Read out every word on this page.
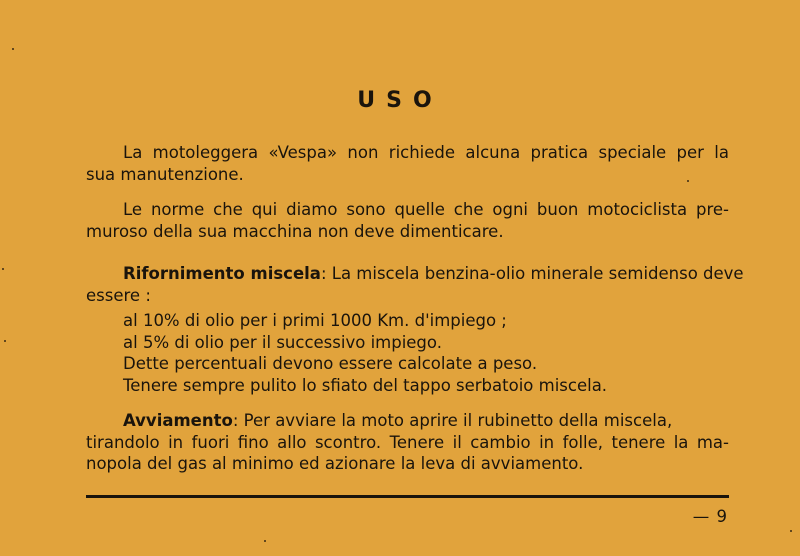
USO
La motoleggera «Vespa» non richiede alcuna pratica speciale per la
sua manutenzione.
Le norme che qui diamo sono quelle che ogni buon motociclista pre-
muroso della sua macchina non deve dimenticare.
Rifornimento miscela: La miscela benzina-olio minerale semidenso deve
essere :
al 10% di olio per i primi 1000 Km. d'impiego ;
al 5% di olio per il successivo impiego.
Dette percentuali devono essere calcolate a peso.
Tenere sempre pulito lo sfiato del tappo serbatoio miscela.
Avviamento: Per avviare la moto aprire il rubinetto della miscela,
tirandolo in fuori fino allo scontro. Tenere il cambio in folle, tenere la ma-
nopola del gas al minimo ed azionare la leva di avviamento.
— 9
